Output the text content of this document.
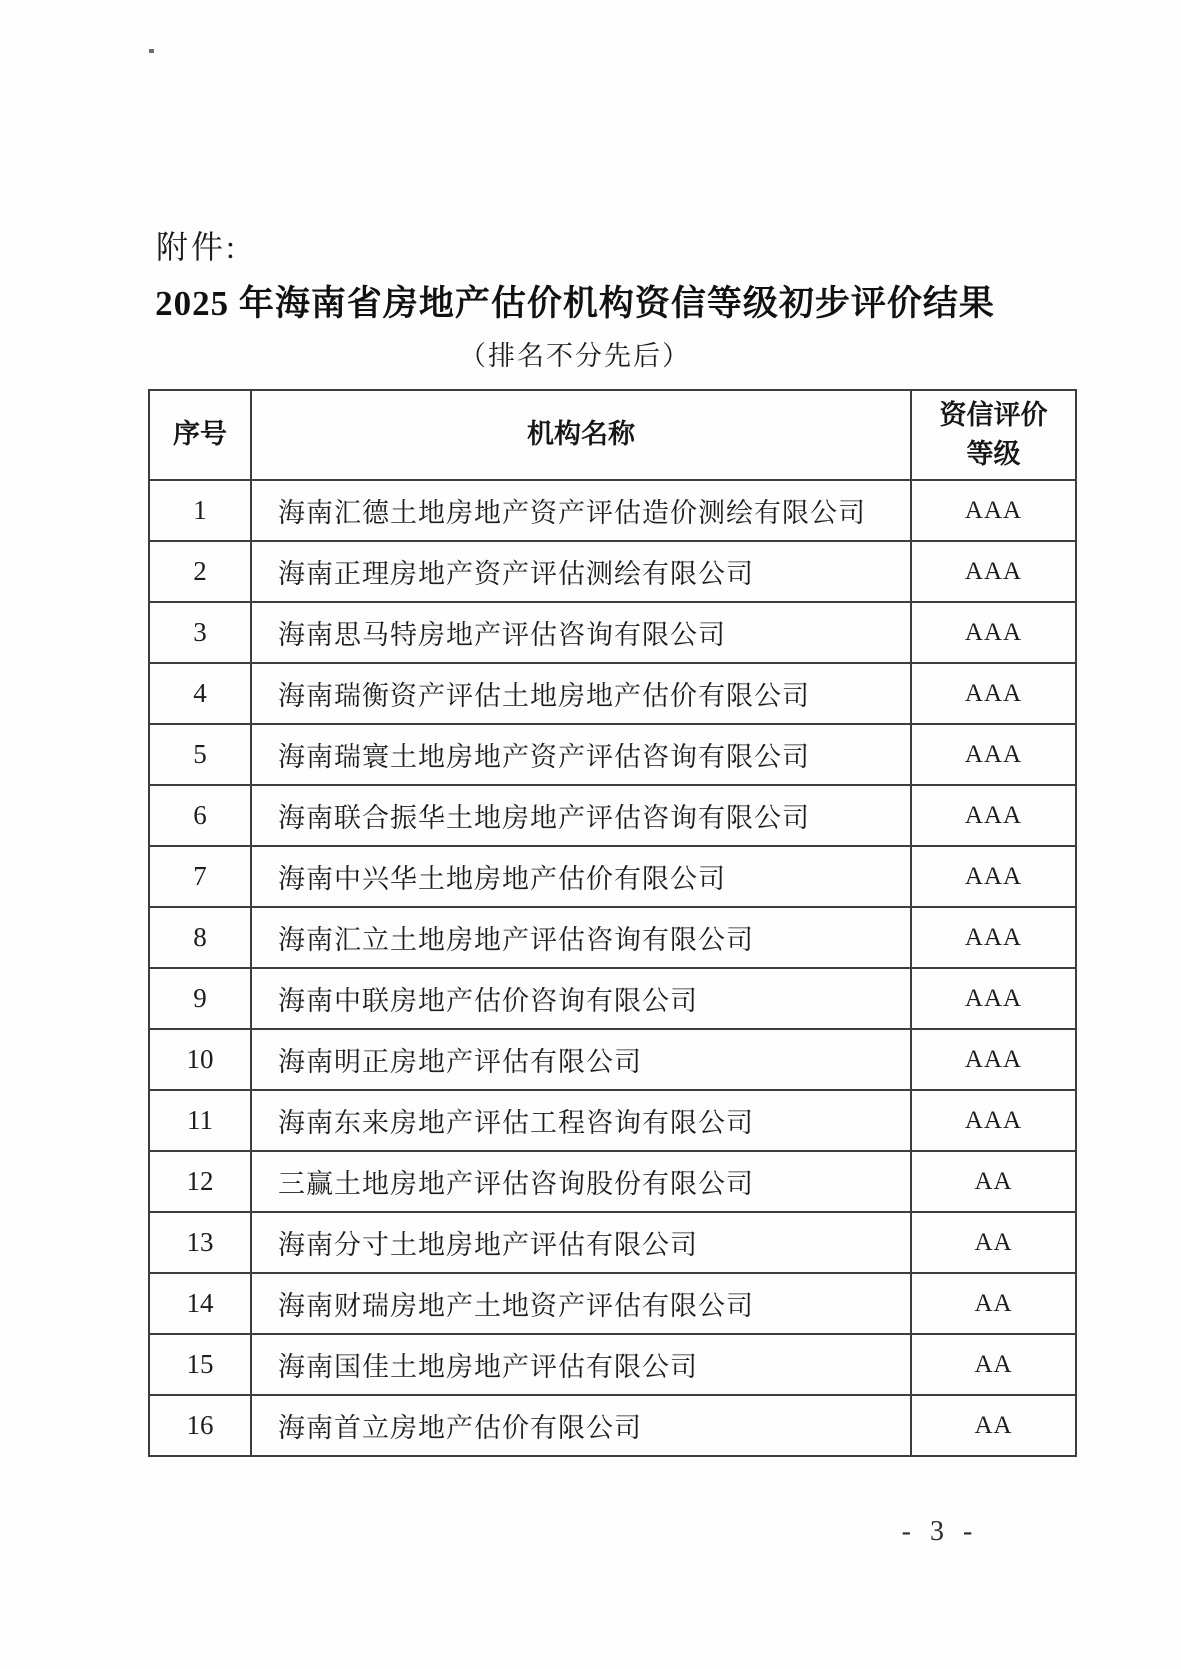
附件:
2025 年海南省房地产估价机构资信等级初步评价结果
（排名不分先后）
序号	机构名称	资信评价
等级

1	海南汇德土地房地产资产评估造价测绘有限公司	AAA
2	海南正理房地产资产评估测绘有限公司	AAA
3	海南思马特房地产评估咨询有限公司	AAA
4	海南瑞衡资产评估土地房地产估价有限公司	AAA
5	海南瑞寰土地房地产资产评估咨询有限公司	AAA
6	海南联合振华土地房地产评估咨询有限公司	AAA
7	海南中兴华土地房地产估价有限公司	AAA
8	海南汇立土地房地产评估咨询有限公司	AAA
9	海南中联房地产估价咨询有限公司	AAA
10	海南明正房地产评估有限公司	AAA
11	海南东来房地产评估工程咨询有限公司	AAA
12	三赢土地房地产评估咨询股份有限公司	AA
13	海南分寸土地房地产评估有限公司	AA
14	海南财瑞房地产土地资产评估有限公司	AA
15	海南国佳土地房地产评估有限公司	AA
16	海南首立房地产估价有限公司	AA
- 3 -
